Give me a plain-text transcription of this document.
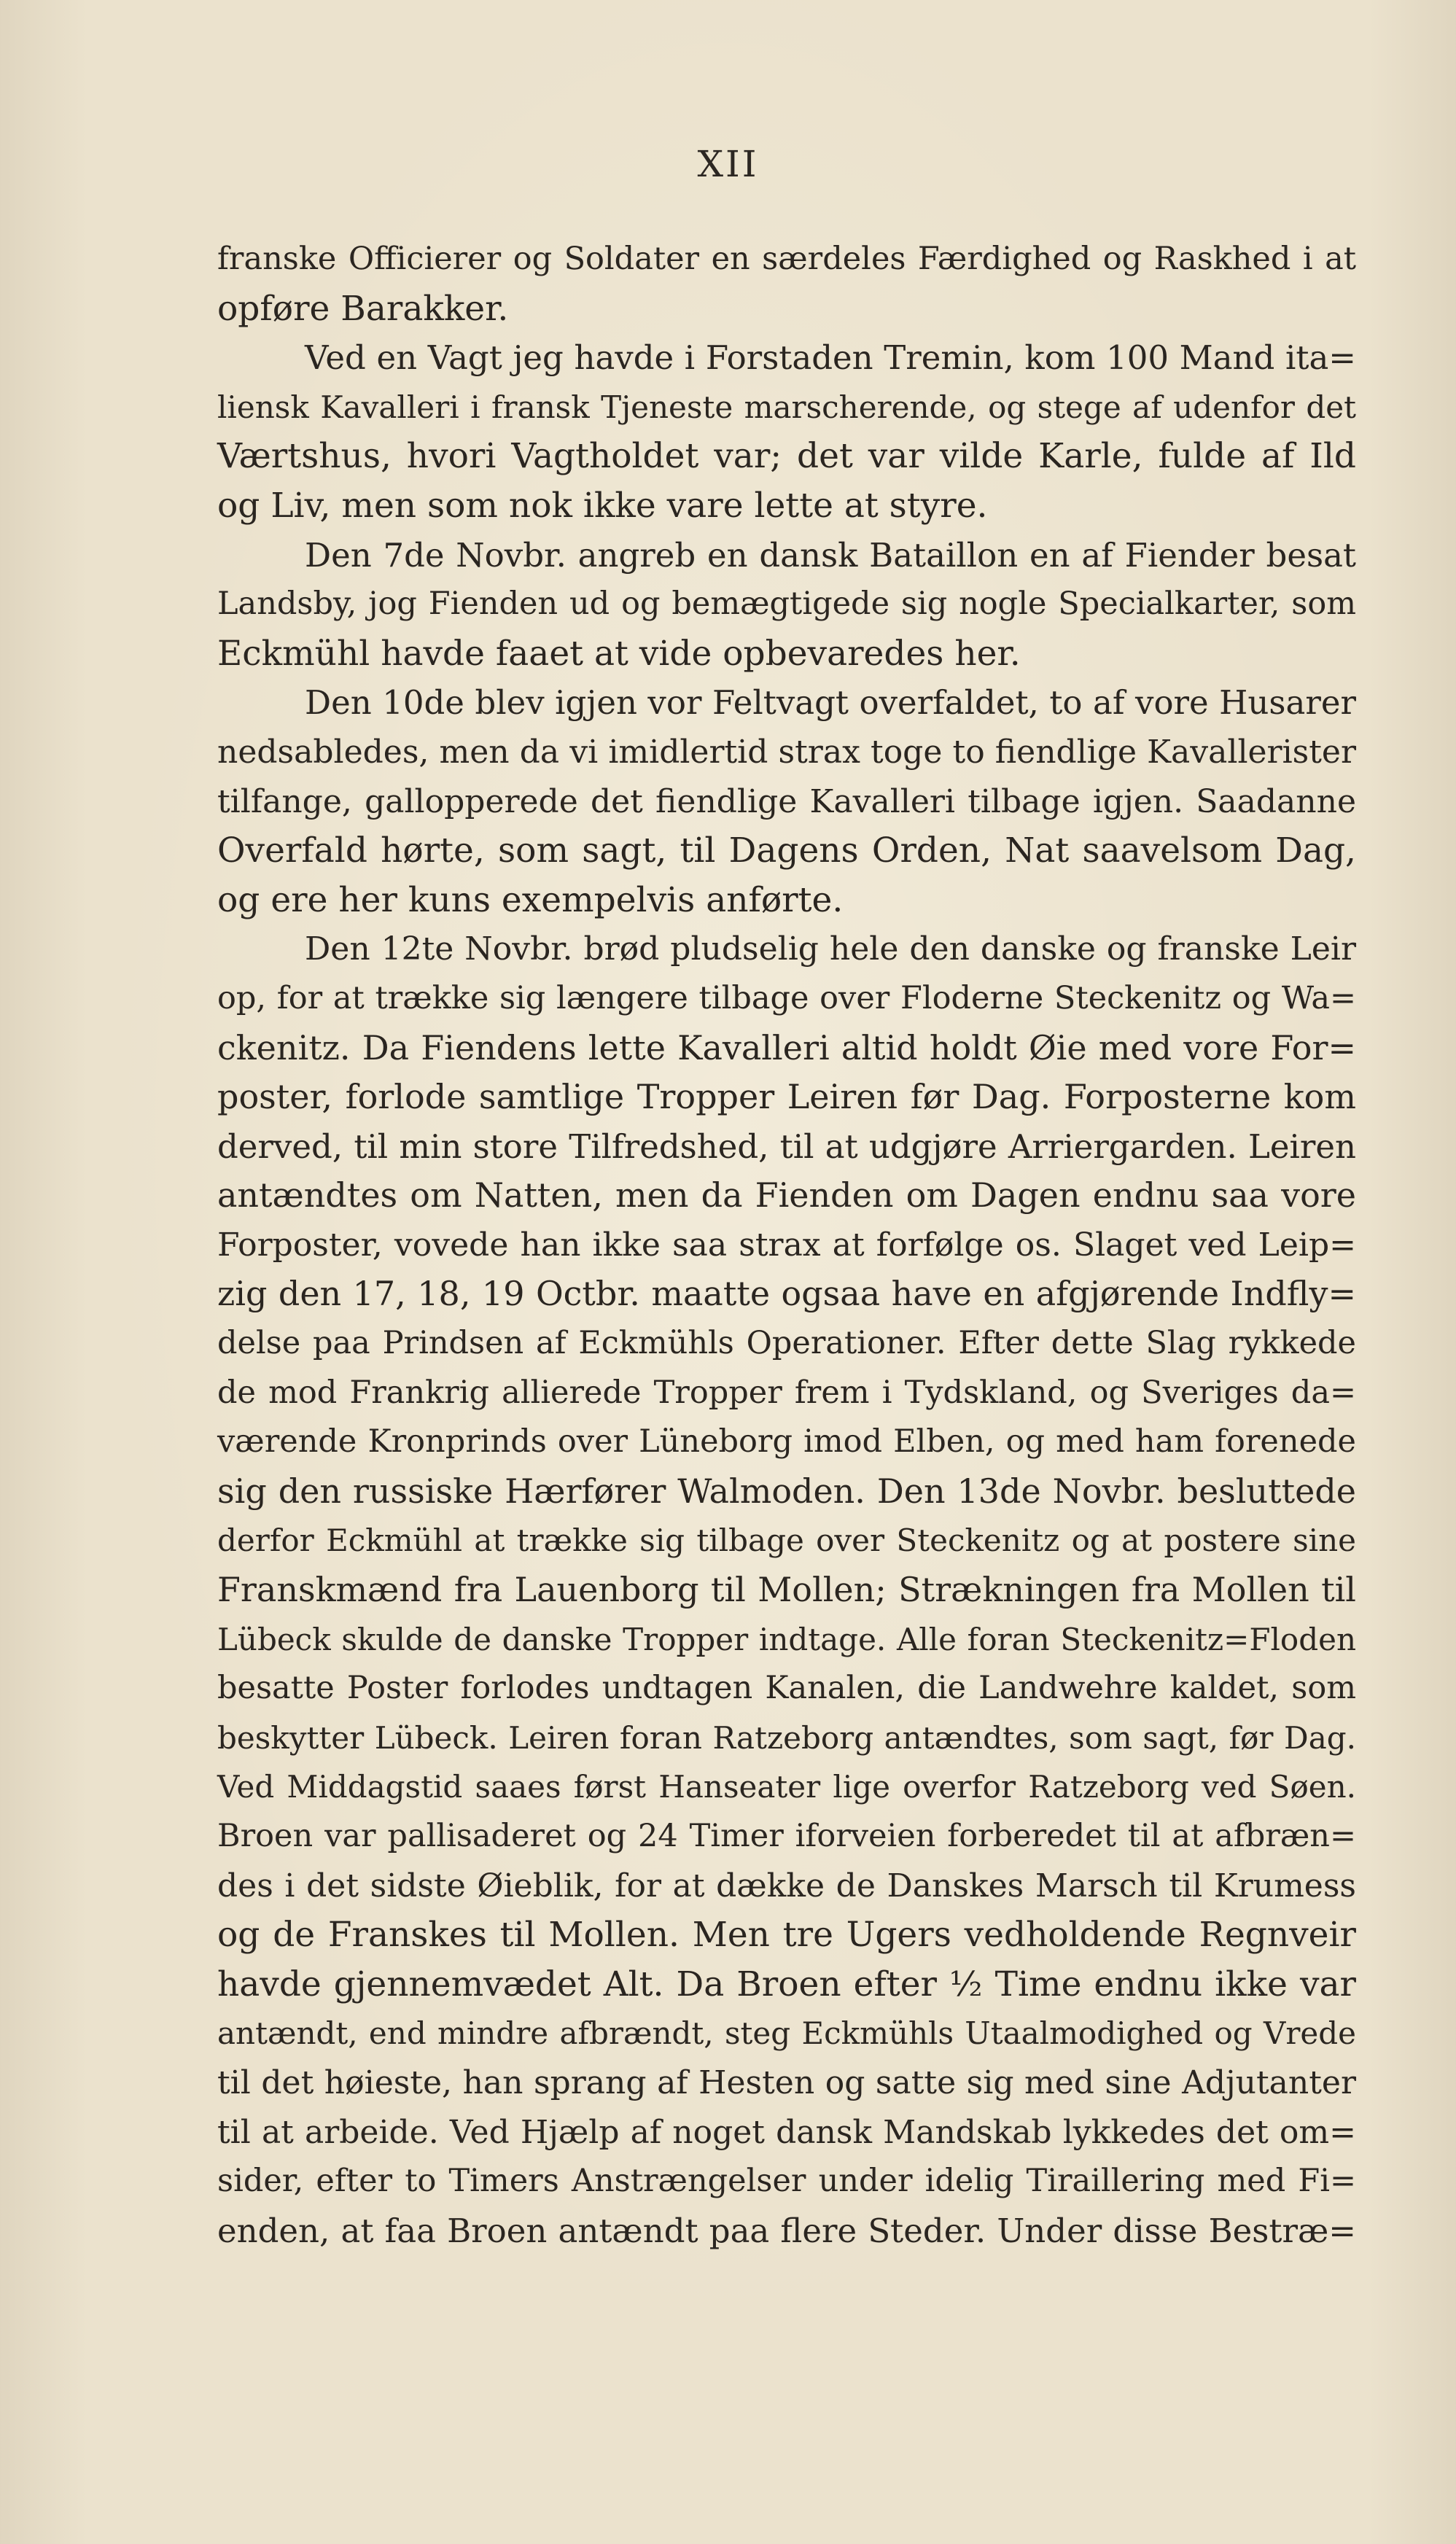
XII
franske Officierer og Soldater en særdeles Færdighed og Raskhed i at
opføre Barakker.
Ved en Vagt jeg havde i Forstaden Tremin, kom 100 Mand ita=
liensk Kavalleri i fransk Tjeneste marscherende, og stege af udenfor det
Værtshus, hvori Vagtholdet var; det var vilde Karle, fulde af Ild
og Liv, men som nok ikke vare lette at styre.
Den 7de Novbr. angreb en dansk Bataillon en af Fiender besat
Landsby, jog Fienden ud og bemægtigede sig nogle Specialkarter, som
Eckmühl havde faaet at vide opbevaredes her.
Den 10de blev igjen vor Feltvagt overfaldet, to af vore Husarer
nedsabledes, men da vi imidlertid strax toge to fiendlige Kavallerister
tilfange, gallopperede det fiendlige Kavalleri tilbage igjen. Saadanne
Overfald hørte, som sagt, til Dagens Orden, Nat saavelsom Dag,
og ere her kuns exempelvis anførte.
Den 12te Novbr. brød pludselig hele den danske og franske Leir
op, for at trække sig længere tilbage over Floderne Steckenitz og Wa=
ckenitz. Da Fiendens lette Kavalleri altid holdt Øie med vore For=
poster, forlode samtlige Tropper Leiren før Dag. Forposterne kom
derved, til min store Tilfredshed, til at udgjøre Arriergarden. Leiren
antændtes om Natten, men da Fienden om Dagen endnu saa vore
Forposter, vovede han ikke saa strax at forfølge os. Slaget ved Leip=
zig den 17, 18, 19 Octbr. maatte ogsaa have en afgjørende Indfly=
delse paa Prindsen af Eckmühls Operationer. Efter dette Slag rykkede
de mod Frankrig allierede Tropper frem i Tydskland, og Sveriges da=
værende Kronprinds over Lüneborg imod Elben, og med ham forenede
sig den russiske Hærfører Walmoden. Den 13de Novbr. besluttede
derfor Eckmühl at trække sig tilbage over Steckenitz og at postere sine
Franskmænd fra Lauenborg til Mollen; Strækningen fra Mollen til
Lübeck skulde de danske Tropper indtage. Alle foran Steckenitz=Floden
besatte Poster forlodes undtagen Kanalen, die Landwehre kaldet, som
beskytter Lübeck. Leiren foran Ratzeborg antændtes, som sagt, før Dag.
Ved Middagstid saaes først Hanseater lige overfor Ratzeborg ved Søen.
Broen var pallisaderet og 24 Timer iforveien forberedet til at afbræn=
des i det sidste Øieblik, for at dække de Danskes Marsch til Krumess
og de Franskes til Mollen. Men tre Ugers vedholdende Regnveir
havde gjennemvædet Alt. Da Broen efter ½ Time endnu ikke var
antændt, end mindre afbrændt, steg Eckmühls Utaalmodighed og Vrede
til det høieste, han sprang af Hesten og satte sig med sine Adjutanter
til at arbeide. Ved Hjælp af noget dansk Mandskab lykkedes det om=
sider, efter to Timers Anstrængelser under idelig Tiraillering med Fi=
enden, at faa Broen antændt paa flere Steder. Under disse Bestræ=
